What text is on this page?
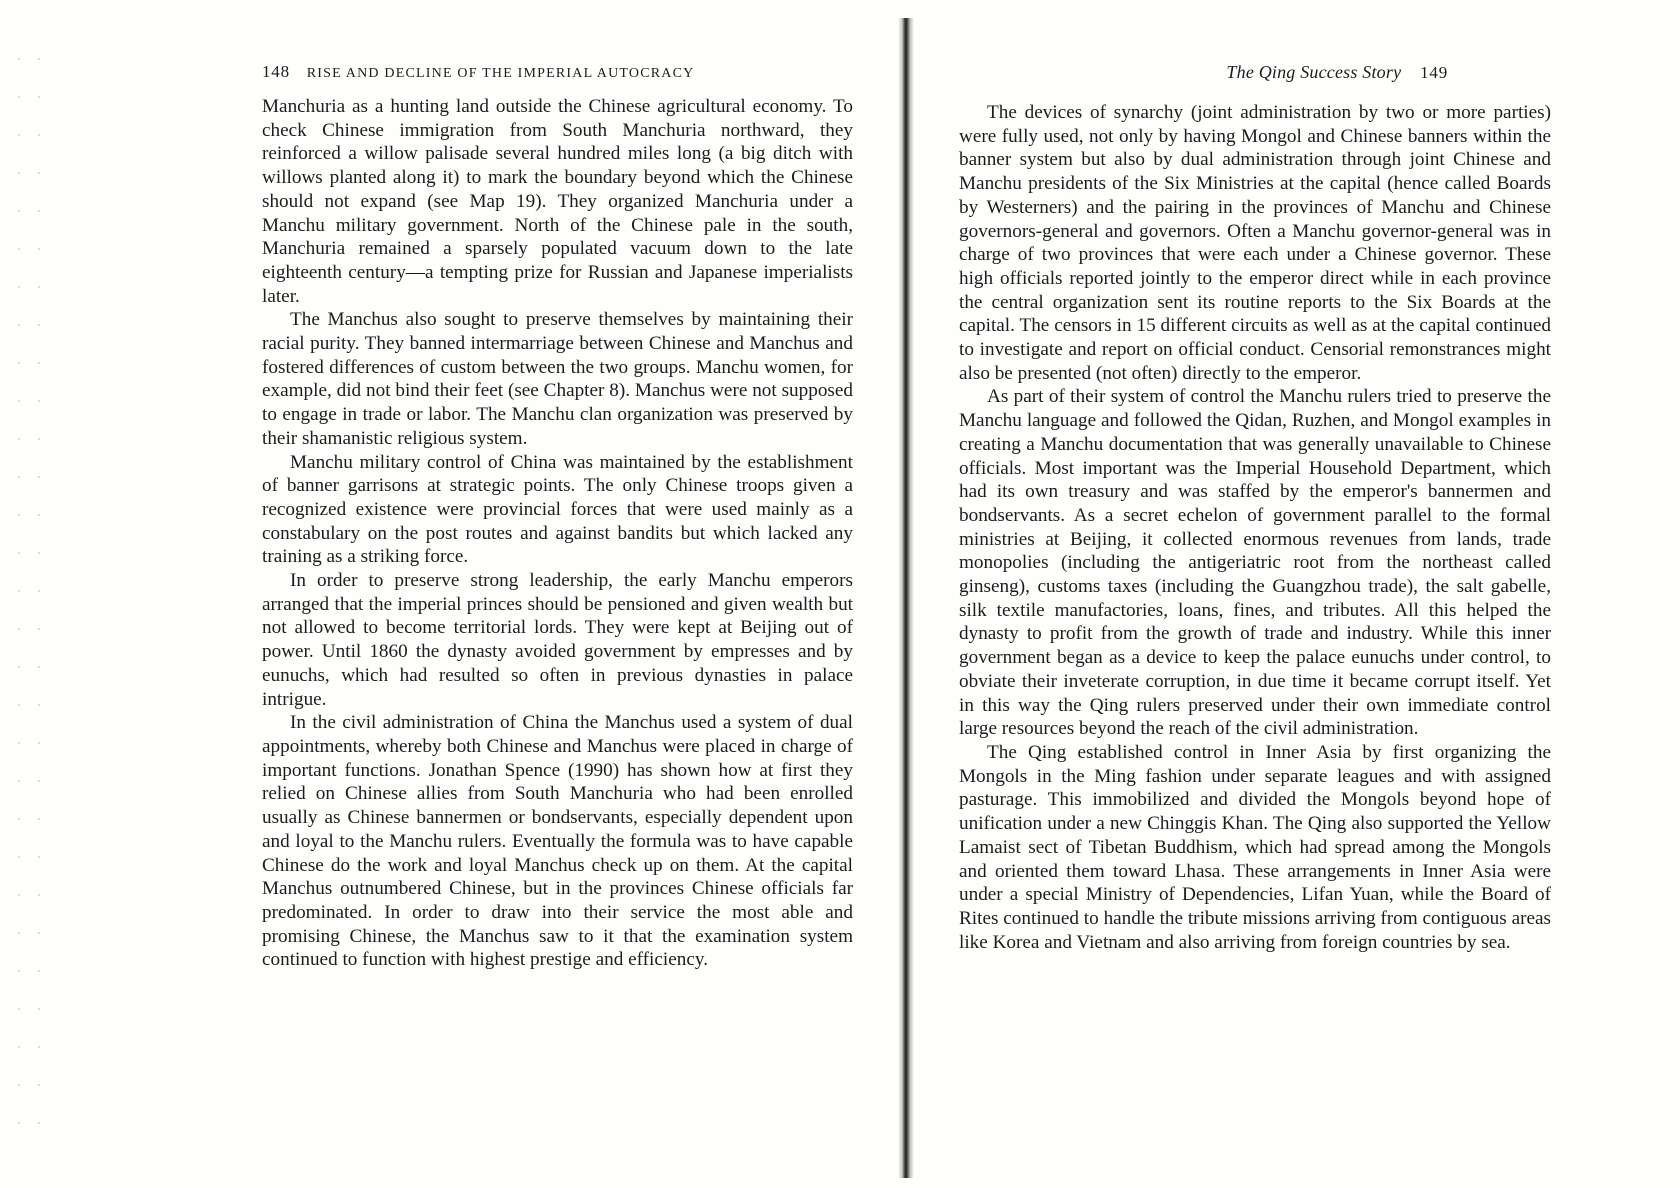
148 RISE AND DECLINE OF THE IMPERIAL AUTOCRACY

Manchuria as a hunting land outside the Chinese agricultural economy. To check Chinese immigration from South Manchuria northward, they reinforced a willow palisade several hundred miles long (a big ditch with willows planted along it) to mark the boundary beyond which the Chinese should not expand (see Map 19). They organized Manchuria under a Manchu military government. North of the Chinese pale in the south, Manchuria remained a sparsely populated vacuum down to the late eighteenth century—a tempting prize for Russian and Japanese imperialists later.

The Manchus also sought to preserve themselves by maintaining their racial purity. They banned intermarriage between Chinese and Manchus and fostered differences of custom between the two groups. Manchu women, for example, did not bind their feet (see Chapter 8). Manchus were not supposed to engage in trade or labor. The Manchu clan organization was preserved by their shamanistic religious system.

Manchu military control of China was maintained by the establishment of banner garrisons at strategic points. The only Chinese troops given a recognized existence were provincial forces that were used mainly as a constabulary on the post routes and against bandits but which lacked any training as a striking force.

In order to preserve strong leadership, the early Manchu emperors arranged that the imperial princes should be pensioned and given wealth but not allowed to become territorial lords. They were kept at Beijing out of power. Until 1860 the dynasty avoided government by empresses and by eunuchs, which had resulted so often in previous dynasties in palace intrigue.

In the civil administration of China the Manchus used a system of dual appointments, whereby both Chinese and Manchus were placed in charge of important functions. Jonathan Spence (1990) has shown how at first they relied on Chinese allies from South Manchuria who had been enrolled usually as Chinese bannermen or bondservants, especially dependent upon and loyal to the Manchu rulers. Eventually the formula was to have capable Chinese do the work and loyal Manchus check up on them. At the capital Manchus outnumbered Chinese, but in the provinces Chinese officials far predominated. In order to draw into their service the most able and promising Chinese, the Manchus saw to it that the examination system continued to function with highest prestige and efficiency.

The Qing Success Story 149

The devices of synarchy (joint administration by two or more parties) were fully used, not only by having Mongol and Chinese banners within the banner system but also by dual administration through joint Chinese and Manchu presidents of the Six Ministries at the capital (hence called Boards by Westerners) and the pairing in the provinces of Manchu and Chinese governors-general and governors. Often a Manchu governor-general was in charge of two provinces that were each under a Chinese governor. These high officials reported jointly to the emperor direct while in each province the central organization sent its routine reports to the Six Boards at the capital. The censors in 15 different circuits as well as at the capital continued to investigate and report on official conduct. Censorial remonstrances might also be presented (not often) directly to the emperor.

As part of their system of control the Manchu rulers tried to preserve the Manchu language and followed the Qidan, Ruzhen, and Mongol examples in creating a Manchu documentation that was generally unavailable to Chinese officials. Most important was the Imperial Household Department, which had its own treasury and was staffed by the emperor's bannermen and bondservants. As a secret echelon of government parallel to the formal ministries at Beijing, it collected enormous revenues from lands, trade monopolies (including the antigeriatric root from the northeast called ginseng), customs taxes (including the Guangzhou trade), the salt gabelle, silk textile manufactories, loans, fines, and tributes. All this helped the dynasty to profit from the growth of trade and industry. While this inner government began as a device to keep the palace eunuchs under control, to obviate their inveterate corruption, in due time it became corrupt itself. Yet in this way the Qing rulers preserved under their own immediate control large resources beyond the reach of the civil administration.

The Qing established control in Inner Asia by first organizing the Mongols in the Ming fashion under separate leagues and with assigned pasturage. This immobilized and divided the Mongols beyond hope of unification under a new Chinggis Khan. The Qing also supported the Yellow Lamaist sect of Tibetan Buddhism, which had spread among the Mongols and oriented them toward Lhasa. These arrangements in Inner Asia were under a special Ministry of Dependencies, Lifan Yuan, while the Board of Rites continued to handle the tribute missions arriving from contiguous areas like Korea and Vietnam and also arriving from foreign countries by sea.
